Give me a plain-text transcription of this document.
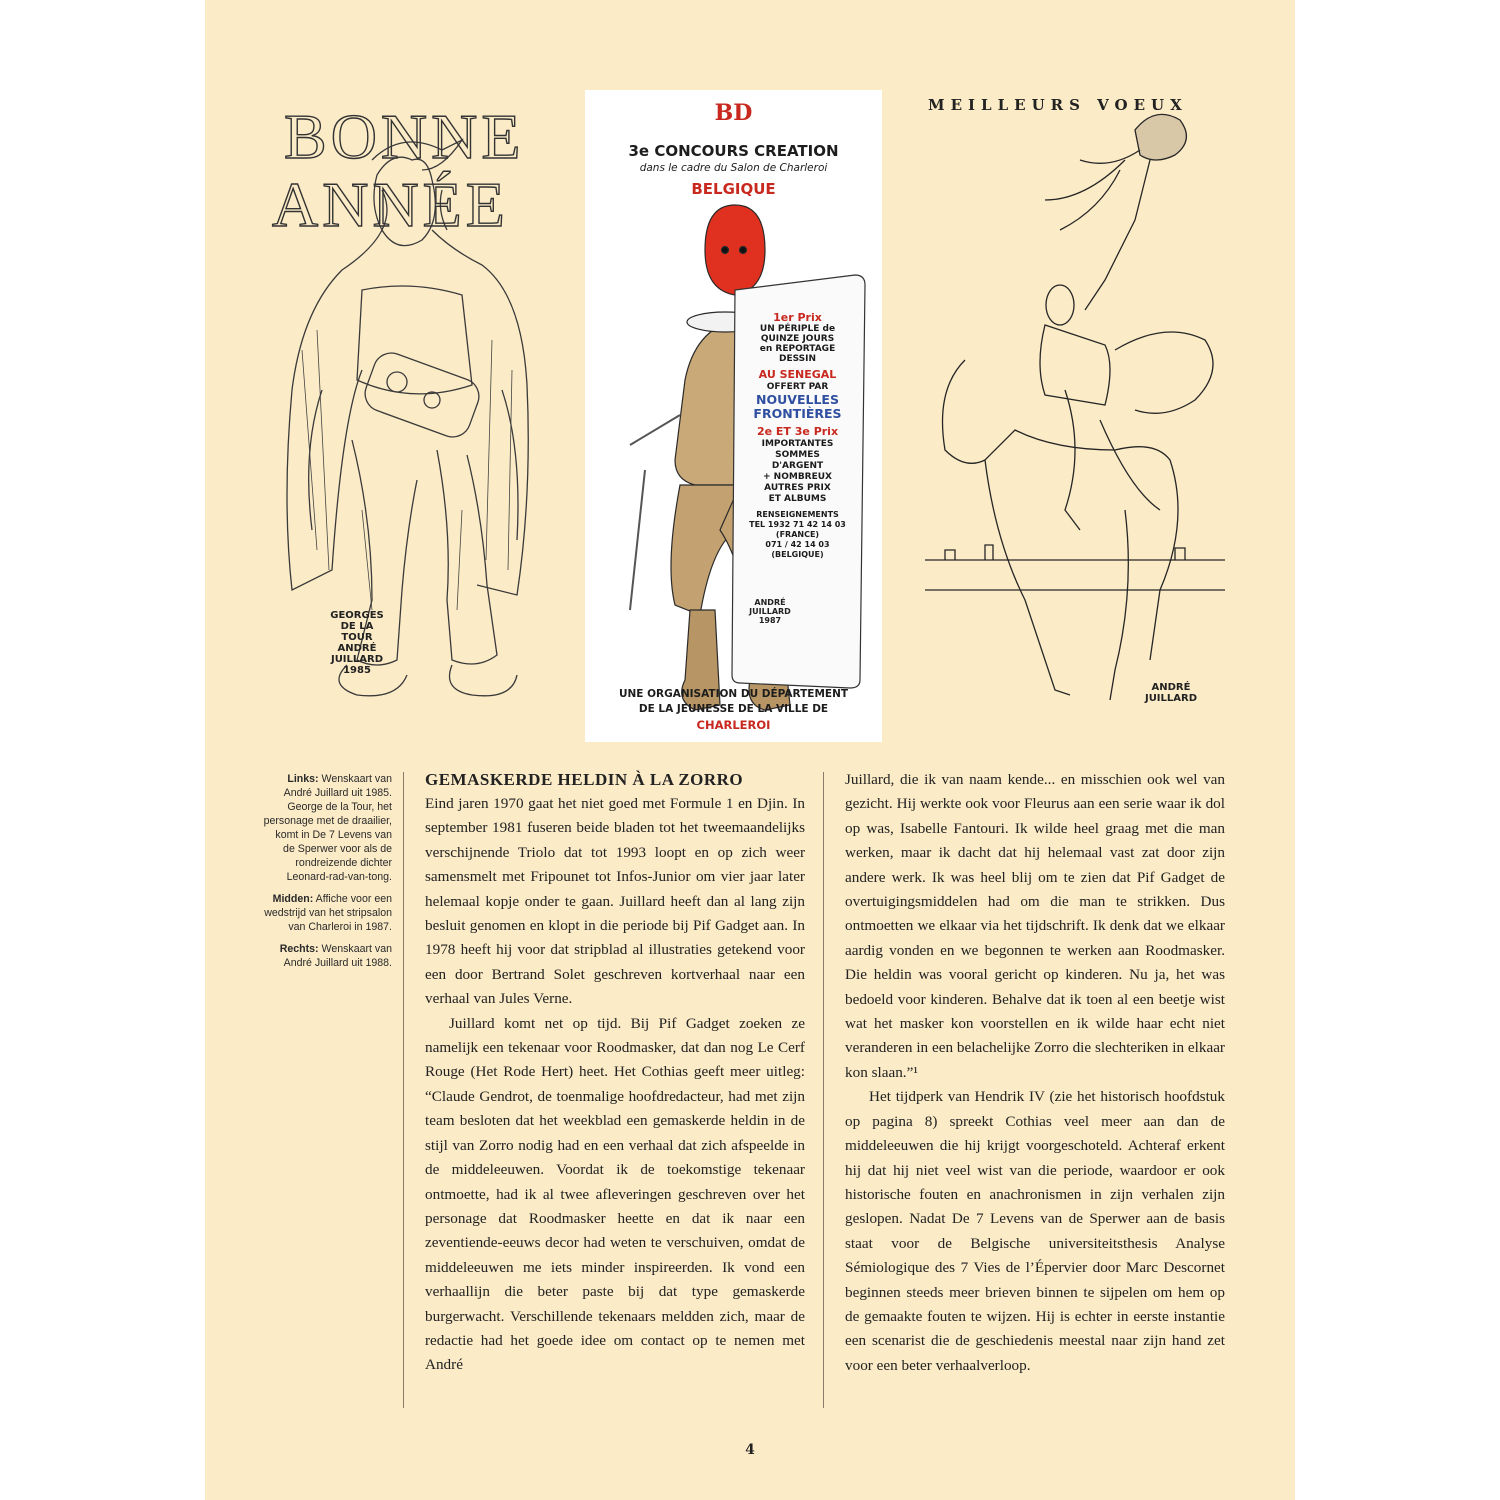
BONNE
ANNÉE
GEORGES
DE LA TOUR
ANDRÉ
JUILLARD
1985

BD

3e CONCOURS CREATION

dans le cadre du Salon de Charleroi

BELGIQUE

1er Prix

UN PÉRIPLE de

QUINZE JOURS

en REPORTAGE

DESSIN

AU SENEGAL

OFFERT PAR

NOUVELLES

FRONTIÈRES

2e ET 3e Prix

IMPORTANTES

SOMMES

D'ARGENT

+ NOMBREUX

AUTRES PRIX

ET ALBUMS

RENSEIGNEMENTS

TEL 1932 71 42 14 03

(FRANCE)

071 / 42 14 03

(BELGIQUE)

ANDRÉ
JUILLARD
1987

UNE ORGANISATION DU DÉPARTEMENT

DE LA JEUNESSE DE LA VILLE DE

CHARLEROI

MEILLEURS VOEUX

ANDRÉ
JUILLARD

Links: Wenskaart van André Juillard uit 1985. George de la Tour, het personage met de draailier, komt in De 7 Levens van de Sperwer voor als de rondreizende dichter Leonard-rad-van-tong.

Midden: Affiche voor een wedstrijd van het stripsalon van Charleroi in 1987.

Rechts: Wenskaart van André Juillard uit 1988.

GEMASKERDE HELDIN À LA ZORRO

Eind jaren 1970 gaat het niet goed met Formule 1 en Djin. In september 1981 fuseren beide bladen tot het tweemaandelijks verschijnende Triolo dat tot 1993 loopt en op zich weer samensmelt met Fripounet tot Infos-Junior om vier jaar later helemaal kopje onder te gaan. Juillard heeft dan al lang zijn besluit genomen en klopt in die periode bij Pif Gadget aan. In 1978 heeft hij voor dat stripblad al illustraties getekend voor een door Bertrand Solet geschreven kortverhaal naar een verhaal van Jules Verne.

Juillard komt net op tijd. Bij Pif Gadget zoeken ze namelijk een tekenaar voor Roodmasker, dat dan nog Le Cerf Rouge (Het Rode Hert) heet. Het Cothias geeft meer uitleg: “Claude Gendrot, de toenmalige hoofdredacteur, had met zijn team besloten dat het weekblad een gemaskerde heldin in de stijl van Zorro nodig had en een verhaal dat zich afspeelde in de middeleeuwen. Voordat ik de toekomstige tekenaar ontmoette, had ik al twee afleveringen geschreven over het personage dat Roodmasker heette en dat ik naar een zeventiende-eeuws decor had weten te verschuiven, omdat de middeleeuwen me iets minder inspireerden. Ik vond een verhaallijn die beter paste bij dat type gemaskerde burgerwacht. Verschillende tekenaars meldden zich, maar de redactie had het goede idee om contact op te nemen met André

Juillard, die ik van naam kende... en misschien ook wel van gezicht. Hij werkte ook voor Fleurus aan een serie waar ik dol op was, Isabelle Fantouri. Ik wilde heel graag met die man werken, maar ik dacht dat hij helemaal vast zat door zijn andere werk. Ik was heel blij om te zien dat Pif Gadget de overtuigingsmiddelen had om die man te strikken. Dus ontmoetten we elkaar via het tijdschrift. Ik denk dat we elkaar aardig vonden en we begonnen te werken aan Roodmasker. Die heldin was vooral gericht op kinderen. Nu ja, het was bedoeld voor kinderen. Behalve dat ik toen al een beetje wist wat het masker kon voorstellen en ik wilde haar echt niet veranderen in een belachelijke Zorro die slechteriken in elkaar kon slaan.”¹

Het tijdperk van Hendrik IV (zie het historisch hoofdstuk op pagina 8) spreekt Cothias veel meer aan dan de middeleeuwen die hij krijgt voorgeschoteld. Achteraf erkent hij dat hij niet veel wist van die periode, waardoor er ook historische fouten en anachronismen in zijn verhalen zijn geslopen. Nadat De 7 Levens van de Sperwer aan de basis staat voor de Belgische universiteitsthesis Analyse Sémiologique des 7 Vies de l’Épervier door Marc Descornet beginnen steeds meer brieven binnen te sijpelen om hem op de gemaakte fouten te wijzen. Hij is echter in eerste instantie een scenarist die de geschiedenis meestal naar zijn hand zet voor een beter verhaalverloop.

4
